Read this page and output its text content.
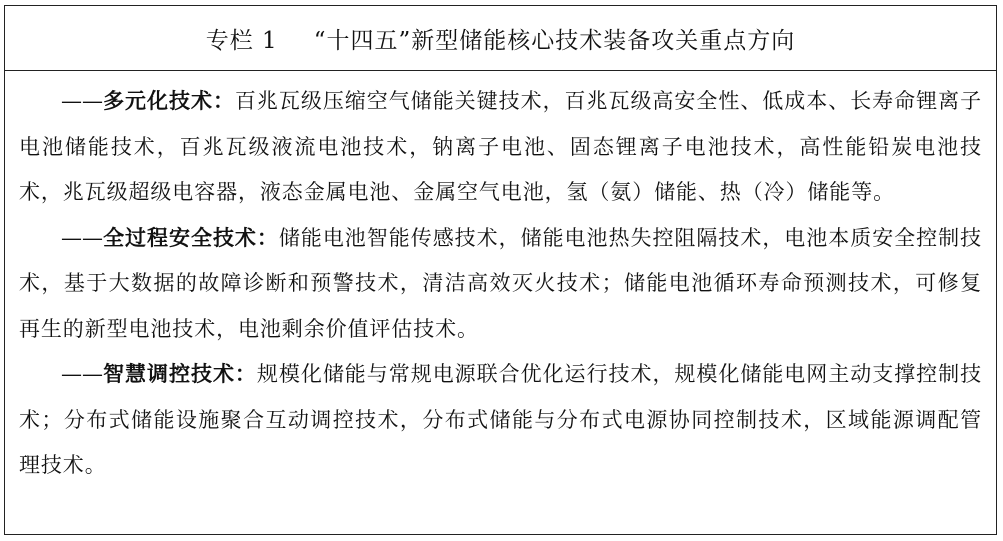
专栏 1 “十四五”新型储能核心技术装备攻关重点方向

——多元化技术：百兆瓦级压缩空气储能关键技术，百兆瓦级高安全性、低成本、长寿命锂离子电池储能技术，百兆瓦级液流电池技术，钠离子电池、固态锂离子电池技术，高性能铅炭电池技术，兆瓦级超级电容器，液态金属电池、金属空气电池，氢（氨）储能、热（冷）储能等。

——全过程安全技术：储能电池智能传感技术，储能电池热失控阻隔技术，电池本质安全控制技术，基于大数据的故障诊断和预警技术，清洁高效灭火技术；储能电池循环寿命预测技术，可修复再生的新型电池技术，电池剩余价值评估技术。

——智慧调控技术：规模化储能与常规电源联合优化运行技术，规模化储能电网主动支撑控制技术；分布式储能设施聚合互动调控技术，分布式储能与分布式电源协同控制技术，区域能源调配管理技术。
